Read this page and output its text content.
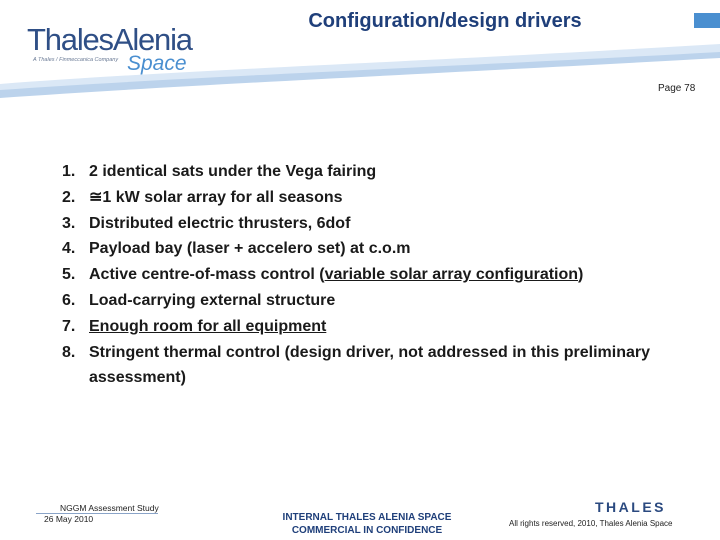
ThalesAlenia
A Thales / Finmeccanica Company Space
Configuration/design drivers
Page 78
1. 2 identical sats under the Vega fairing
2. ≅1 kW solar array for all seasons
3. Distributed electric thrusters, 6dof
4. Payload bay (laser + accelero set) at c.o.m
5. Active centre-of-mass control (variable solar array configuration)
6. Load-carrying external structure
7. Enough room for all equipment
8. Stringent thermal control (design driver, not addressed in this preliminary assessment)
NGGM Assessment Study
26 May 2010	INTERNAL THALES ALENIA SPACE
COMMERCIAL IN CONFIDENCE
THALES
All rights reserved, 2010, Thales Alenia Space
